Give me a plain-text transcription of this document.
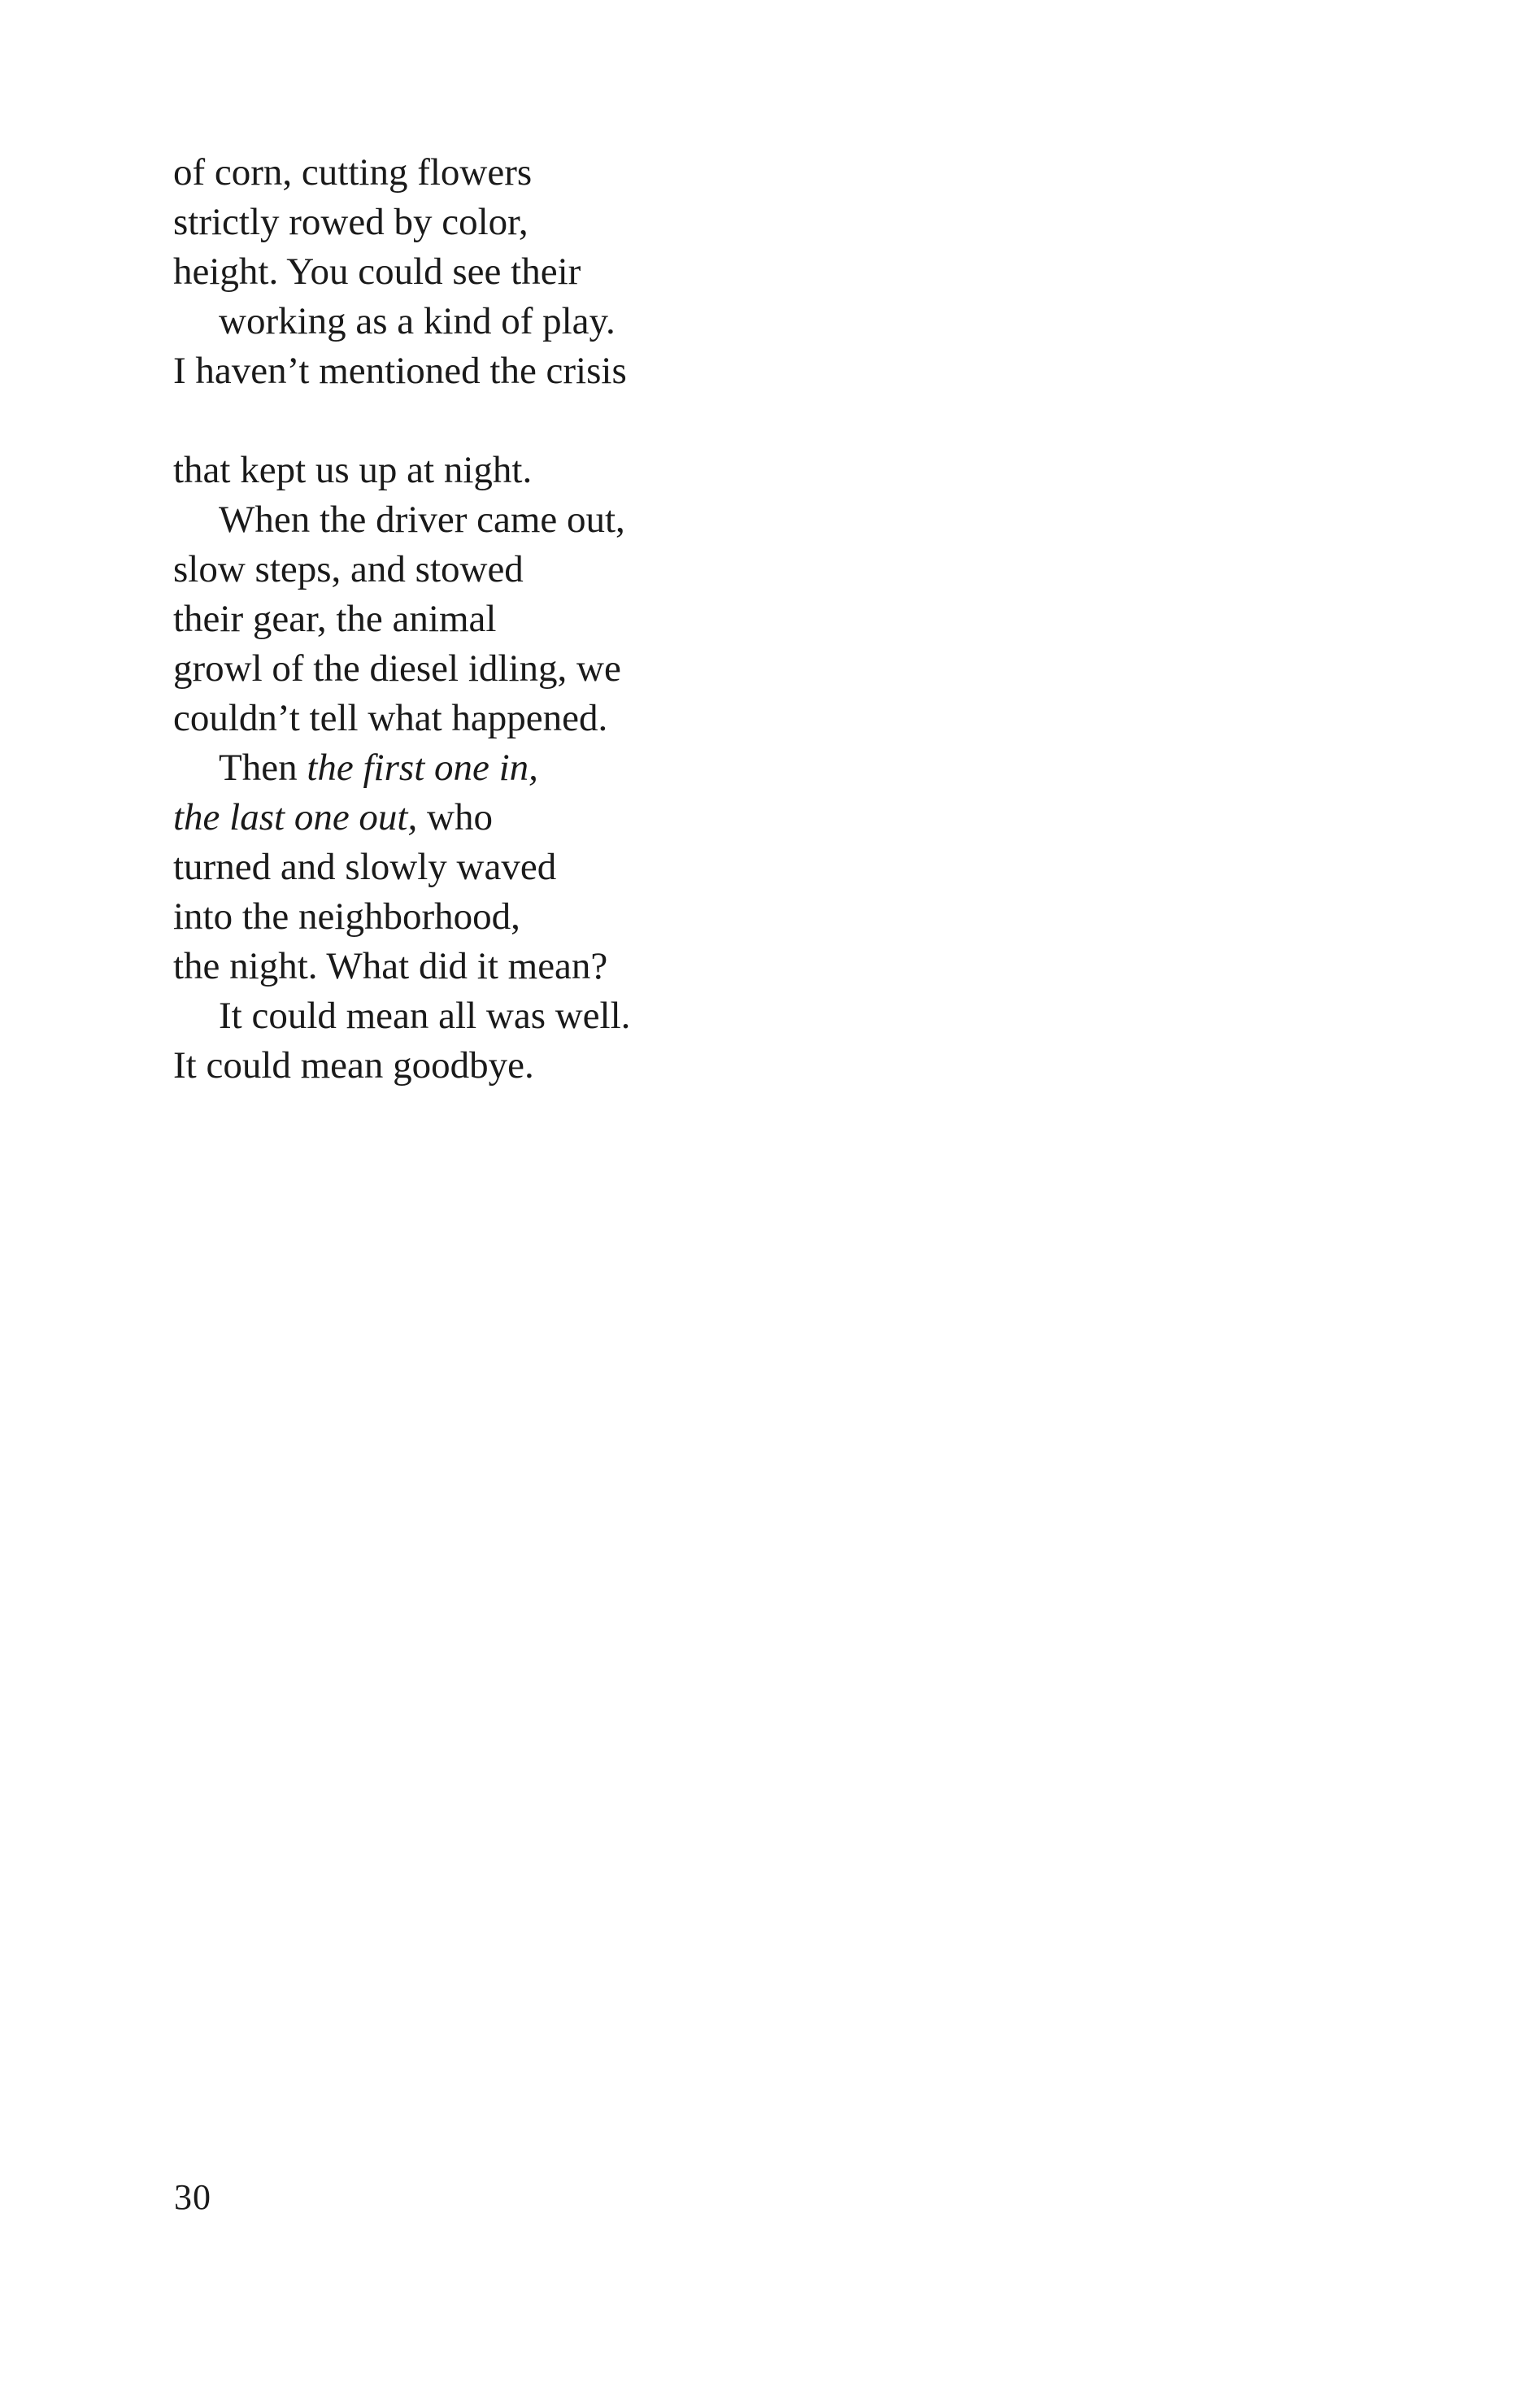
of corn, cutting flowers
strictly rowed by color,
height. You could see their
working as a kind of play.
I haven’t mentioned the crisis

that kept us up at night.
When the driver came out,
slow steps, and stowed
their gear, the animal
growl of the diesel idling, we
couldn’t tell what happened.
Then the first one in,
the last one out, who
turned and slowly waved
into the neighborhood,
the night. What did it mean?
It could mean all was well.
It could mean goodbye.

30
